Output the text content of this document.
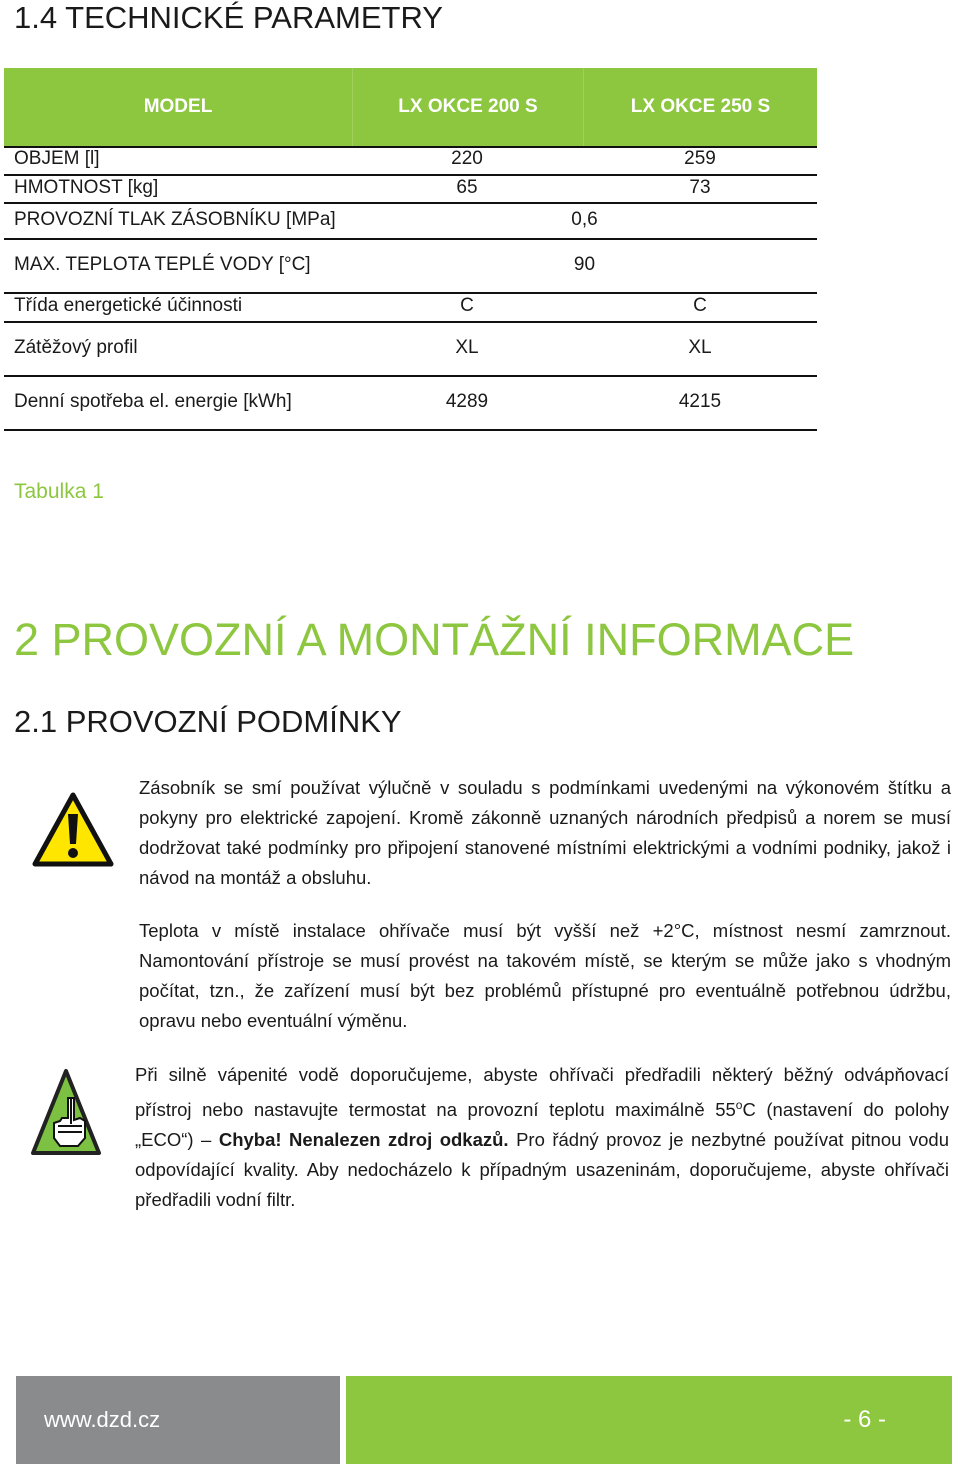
1.4 TECHNICKÉ PARAMETRY
MODEL	LX OKCE 200 S	LX OKCE 250 S
OBJEM [l]	220	259
HMOTNOST [kg]	65	73
PROVOZNÍ TLAK ZÁSOBNÍKU [MPa]	0,6
MAX. TEPLOTA TEPLÉ VODY [°C]	90
Třída energetické účinnosti	C	C
Zátěžový profil	XL	XL
Denní spotřeba el. energie [kWh]	4289	4215
Tabulka 1
2 PROVOZNÍ A MONTÁŽNÍ INFORMACE
2.1 PROVOZNÍ PODMÍNKY
Zásobník se smí používat výlučně v souladu s podmínkami uvedenými na výkonovém štítku a pokyny pro elektrické zapojení. Kromě zákonně uznaných národních předpisů a norem se musí dodržovat také podmínky pro připojení stanovené místními elektrickými a vodními podniky, jakož i návod na montáž a obsluhu.
Teplota v místě instalace ohřívače musí být vyšší než +2°C, místnost nesmí zamrznout. Namontování přístroje se musí provést na takovém místě, se kterým se může jako s vhodným počítat, tzn., že zařízení musí být bez problémů přístupné pro eventuálně potřebnou údržbu, opravu nebo eventuální výměnu.
Při silně vápenité vodě doporučujeme, abyste ohřívači předřadili některý běžný odvápňovací přístroj nebo nastavujte termostat na provozní teplotu maximálně 55$^o$C (nastavení do polohy „ECO“) – Chyba! Nenalezen zdroj odkazů. Pro řádný provoz je nezbytné používat pitnou vodu odpovídající kvality. Aby nedocházelo k případným usazeninám, doporučujeme, abyste ohřívači předřadili vodní filtr.
www.dzd.cz	- 6 -
